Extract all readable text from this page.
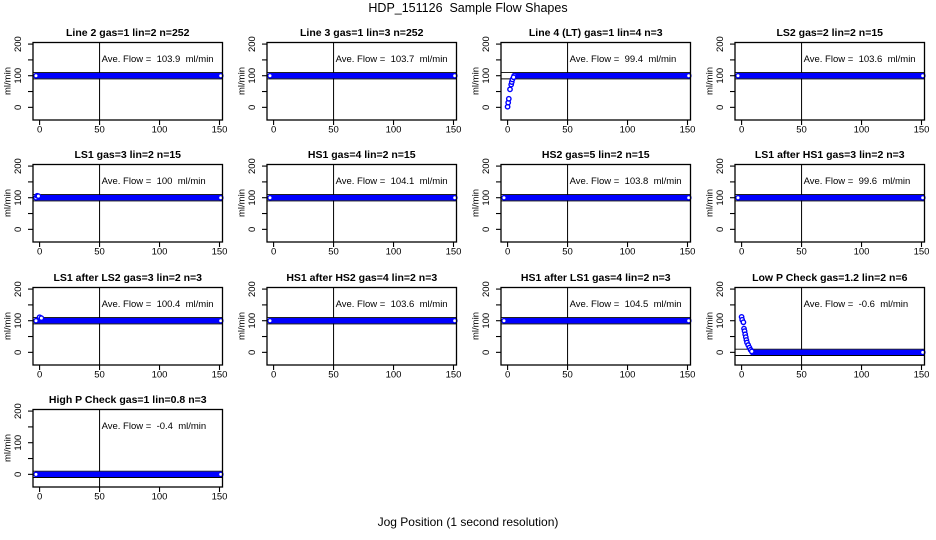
HDP_151126  Sample Flow Shapes
0	50	100	150
0
100
200
ml/min
Line 2 gas=1 lin=2 n=252
Ave. Flow =  103.9  ml/min
0	50	100	150
0
100
200
ml/min
Line 3 gas=1 lin=3 n=252
Ave. Flow =  103.7  ml/min
0	50	100	150
0
100
200
ml/min
Line 4 (LT) gas=1 lin=4 n=3
Ave. Flow =  99.4  ml/min
0	50	100	150
0
100
200
ml/min
LS2 gas=2 lin=2 n=15
Ave. Flow =  103.6  ml/min
0	50	100	150
0
100
200
ml/min
LS1 gas=3 lin=2 n=15
Ave. Flow =  100  ml/min
0	50	100	150
0
100
200
ml/min
HS1 gas=4 lin=2 n=15
Ave. Flow =  104.1  ml/min
0	50	100	150
0
100
200
ml/min
HS2 gas=5 lin=2 n=15
Ave. Flow =  103.8  ml/min
0	50	100	150
0
100
200
ml/min
LS1 after HS1 gas=3 lin=2 n=3
Ave. Flow =  99.6  ml/min
0	50	100	150
0
100
200
ml/min
LS1 after LS2 gas=3 lin=2 n=3
Ave. Flow =  100.4  ml/min
0	50	100	150
0
100
200
ml/min
HS1 after HS2 gas=4 lin=2 n=3
Ave. Flow =  103.6  ml/min
0	50	100	150
0
100
200
ml/min
HS1 after LS1 gas=4 lin=2 n=3
Ave. Flow =  104.5  ml/min
0	50	100	150
0
100
200
ml/min
Low P Check gas=1.2 lin=2 n=6
Ave. Flow =  -0.6  ml/min
0	50	100	150
0
100
200
ml/min
High P Check gas=1 lin=0.8 n=3
Ave. Flow =  -0.4  ml/min
Jog Position (1 second resolution)
